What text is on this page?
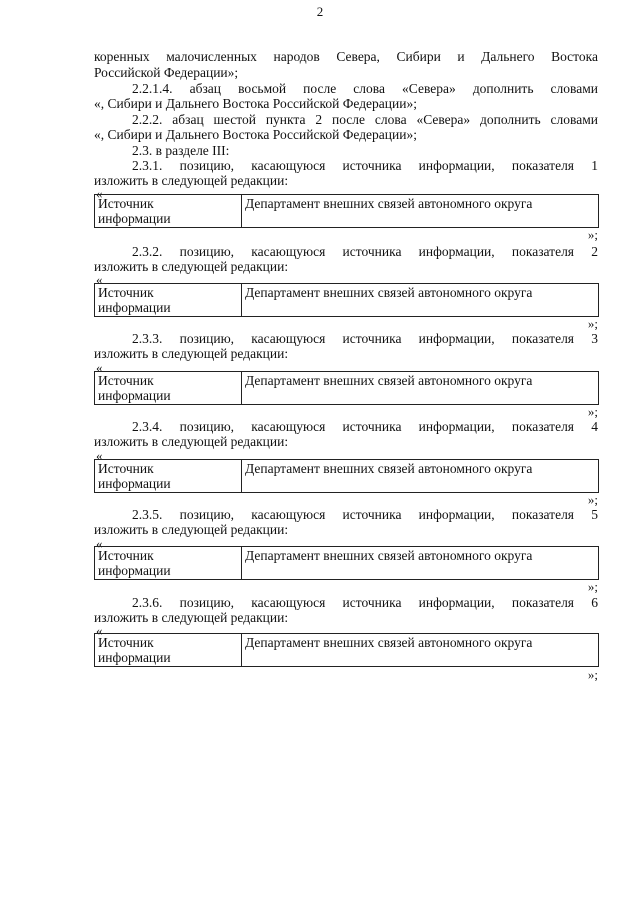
2
коренных малочисленных народов Севера, Сибири и Дальнего Востока
Российской Федерации»;
2.2.1.4. абзац восьмой после слова «Севера» дополнить словами
«, Сибири и Дальнего Востока Российской Федерации»;
2.2.2. абзац шестой пункта 2 после слова «Севера» дополнить словами
«, Сибири и Дальнего Востока Российской Федерации»;
2.3. в разделе III:
2.3.1. позицию, касающуюся источника информации, показателя 1
изложить в следующей редакции:
«
Источник
информации	Департамент внешних связей автономного округа
»;
2.3.2. позицию, касающуюся источника информации, показателя 2
изложить в следующей редакции:
«
Источник
информации	Департамент внешних связей автономного округа
»;
2.3.3. позицию, касающуюся источника информации, показателя 3
изложить в следующей редакции:
«
Источник
информации	Департамент внешних связей автономного округа
»;
2.3.4. позицию, касающуюся источника информации, показателя 4
изложить в следующей редакции:
«
Источник
информации	Департамент внешних связей автономного округа
»;
2.3.5. позицию, касающуюся источника информации, показателя 5
изложить в следующей редакции:
«
Источник
информации	Департамент внешних связей автономного округа
»;
2.3.6. позицию, касающуюся источника информации, показателя 6
изложить в следующей редакции:
«
Источник
информации	Департамент внешних связей автономного округа
»;
